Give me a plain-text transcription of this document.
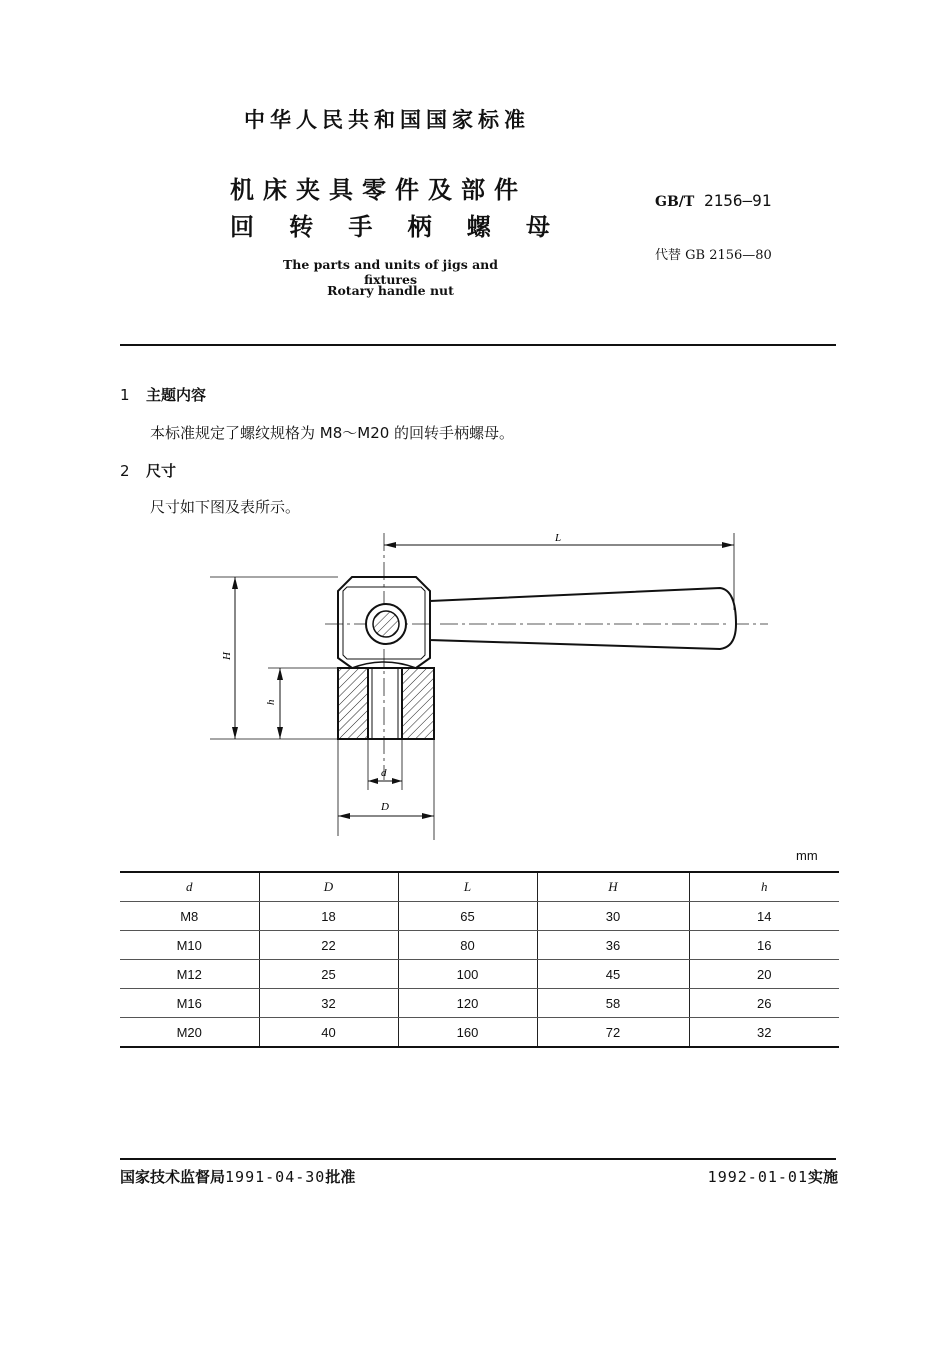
中华人民共和国国家标准
机床夹具零件及部件
回 转 手 柄 螺 母
GB/T 2156—91
代替 GB 2156—80
The parts and units of jigs and fixtures
Rotary handle nut
1 主题内容
本标准规定了螺纹规格为 M8～M20 的回转手柄螺母。
2 尺寸
尺寸如下图及表所示。
L
H
h
d
D
mm
d	D	L	H	h
M8	18	65	30	14
M10	22	80	36	16
M12	25	100	45	20
M16	32	120	58	26
M20	40	160	72	32
国家技术监督局1991-04-30批准	1992-01-01实施
